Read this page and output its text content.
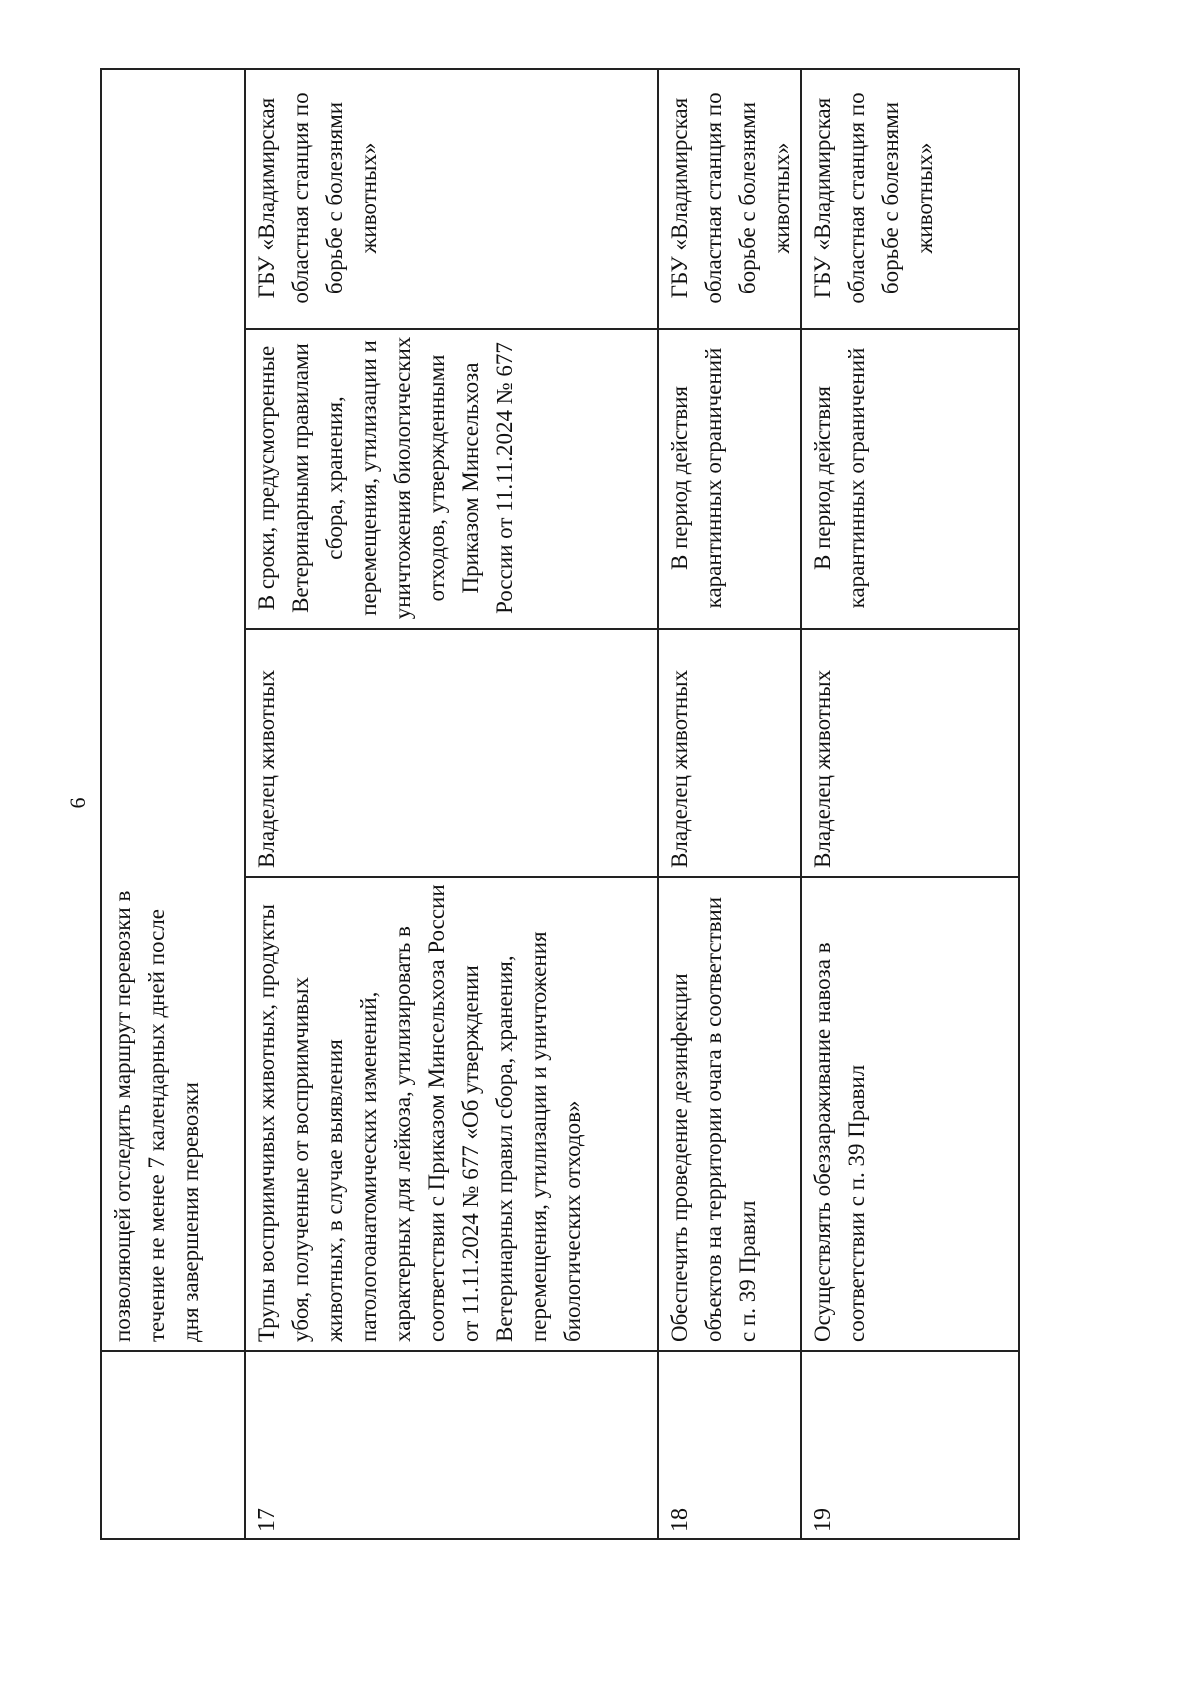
6
позволяющей отследить маршрут перевозки в течение не менее 7 календарных дней после дня завершения перевозки
17
Трупы восприимчивых животных, продукты убоя, полученные от восприимчивых животных, в случае выявления патологоанатомических изменений, характерных для лейкоза, утилизировать в соответствии с Приказом Минсельхоза России от 11.11.2024 № 677 «Об утверждении Ветеринарных правил сбора, хранения, перемещения, утилизации и уничтожения биологических отходов»
Владелец животных
В сроки, предусмотренные Ветеринарными правилами сбора, хранения, перемещения, утилизации и уничтожения биологических отходов, утвержденными Приказом Минсельхоза России от 11.11.2024 № 677
ГБУ «Владимирская областная станция по борьбе с болезнями животных»
18
Обеспечить проведение дезинфекции объектов на территории очага в соответствии с п. 39 Правил
Владелец животных
В период действия карантинных ограничений
ГБУ «Владимирская областная станция по борьбе с болезнями животных»
19
Осуществлять обеззараживание навоза в соответствии с п. 39 Правил
Владелец животных
В период действия карантинных ограничений
ГБУ «Владимирская областная станция по борьбе с болезнями животных»
